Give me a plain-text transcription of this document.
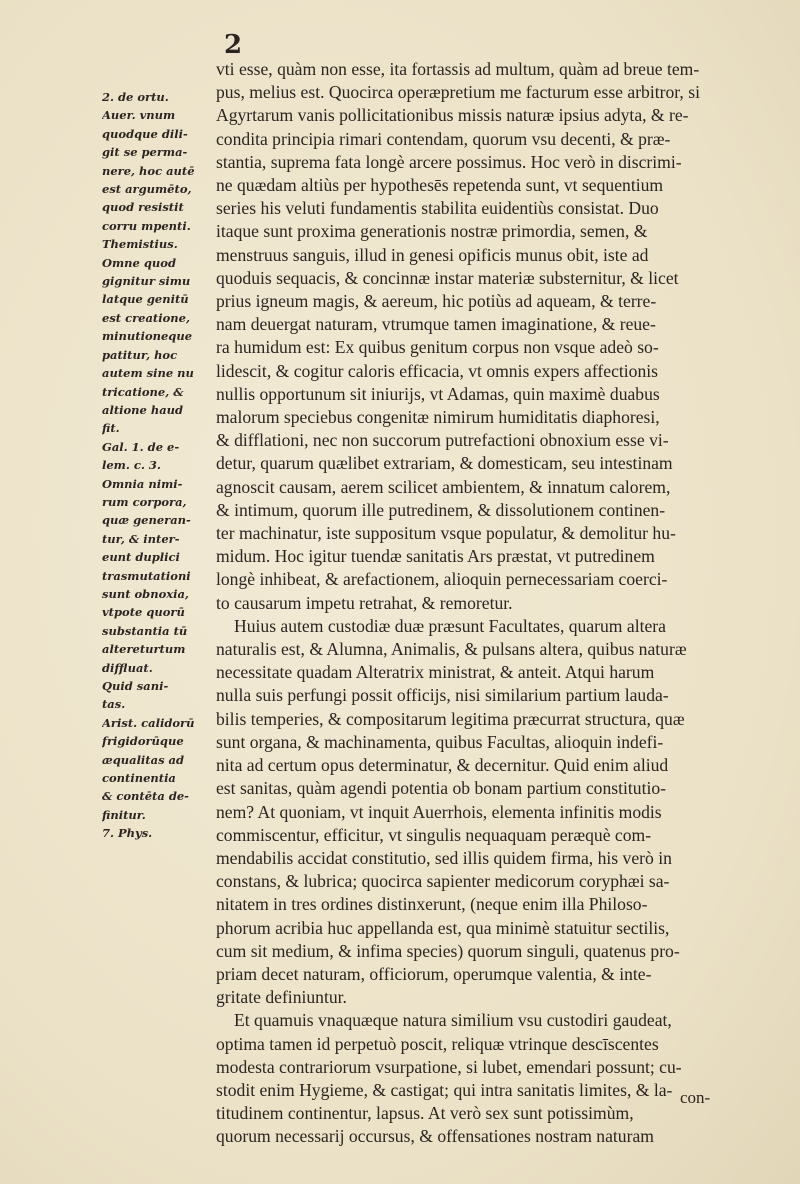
2
2. de ortu.
Auer. vnum
quodque dili-
git se perma-
nere, hoc autē
est argumēto,
quod resistit
corru mpenti.
Themistius.
Omne quod
gignitur simu
latque genitū
est creatione,
minutioneque
patitur, hoc
autem sine nu
tricatione, &
altione haud
fit.
Gal. 1. de e-
lem. c. 3.
Omnia nimi-
rum corpora,
quæ generan-
tur, & inter-
eunt duplici
trasmutationi
sunt obnoxia,
vtpote quorū
substantia tū
altereturtum
diffluat.
Quid sani-
tas.
Arist. calidorū
frigidorūque
æqualitas ad
continentia
& contēta de-
finitur.
7. Phys.
vti esse, quàm non esse, ita fortassis ad multum, quàm ad breue tem-
pus, melius est. Quocirca operæpretium me facturum esse arbitror, si
Agyrtarum vanis pollicitationibus missis naturæ ipsius adyta, & re-
condita principia rimari contendam, quorum vsu decenti, & præ-
stantia, suprema fata longè arcere possimus. Hoc verò in discrimi-
ne quædam altiùs per hypothesēs repetenda sunt, vt sequentium
series his veluti fundamentis stabilita euidentiùs consistat. Duo
itaque sunt proxima generationis nostræ primordia, semen, &
menstruus sanguis, illud in genesi opificis munus obit, iste ad
quoduis sequacis, & concinnæ instar materiæ substernitur, & licet
prius igneum magis, & aereum, hic potiùs ad aqueam, & terre-
nam deuergat naturam, vtrumque tamen imaginatione, & reue-
ra humidum est: Ex quibus genitum corpus non vsque adeò so-
lidescit, & cogitur caloris efficacia, vt omnis expers affectionis
nullis opportunum sit iniurijs, vt Adamas, quin maximè duabus
malorum speciebus congenitæ nimirum humiditatis diaphoresi,
& difflationi, nec non succorum putrefactioni obnoxium esse vi-
detur, quarum quælibet extrariam, & domesticam, seu intestinam
agnoscit causam, aerem scilicet ambientem, & innatum calorem,
& intimum, quorum ille putredinem, & dissolutionem continen-
ter machinatur, iste suppositum vsque populatur, & demolitur hu-
midum. Hoc igitur tuendæ sanitatis Ars præstat, vt putredinem
longè inhibeat, & arefactionem, alioquin pernecessariam coerci-
to causarum impetu retrahat, & remoretur.
Huius autem custodiæ duæ præsunt Facultates, quarum altera
naturalis est, & Alumna, Animalis, & pulsans altera, quibus naturæ
necessitate quadam Alteratrix ministrat, & anteit. Atqui harum
nulla suis perfungi possit officijs, nisi similarium partium lauda-
bilis temperies, & compositarum legitima præcurrat structura, quæ
sunt organa, & machinamenta, quibus Facultas, alioquin indefi-
nita ad certum opus determinatur, & decernitur. Quid enim aliud
est sanitas, quàm agendi potentia ob bonam partium constitutio-
nem? At quoniam, vt inquit Auerrhois, elementa infinitis modis
commiscentur, efficitur, vt singulis nequaquam peræquè com-
mendabilis accidat constitutio, sed illis quidem firma, his verò in
constans, & lubrica; quocirca sapienter medicorum coryphæi sa-
nitatem in tres ordines distinxerunt, (neque enim illa Philoso-
phorum acribia huc appellanda est, qua minimè statuitur sectilis,
cum sit medium, & infima species) quorum singuli, quatenus pro-
priam decet naturam, officiorum, operumque valentia, & inte-
gritate definiuntur.
Et quamuis vnaquæque natura similium vsu custodiri gaudeat,
optima tamen id perpetuò poscit, reliquæ vtrinque descīscentes
modesta contrariorum vsurpatione, si lubet, emendari possunt; cu-
stodit enim Hygieme, & castigat; qui intra sanitatis limites, & la-
titudinem continentur, lapsus. At verò sex sunt potissimùm,
quorum necessarij occursus, & offensationes nostram naturam
con-
